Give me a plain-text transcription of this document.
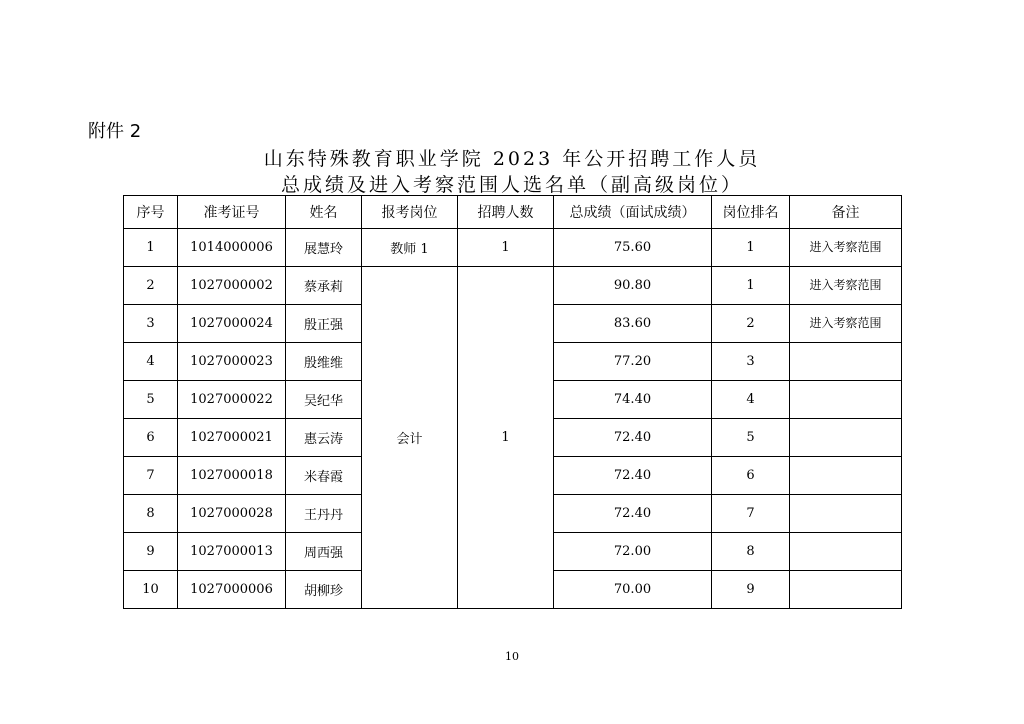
附件 2
山东特殊教育职业学院 2023 年公开招聘工作人员
总成绩及进入考察范围人选名单（副高级岗位）
序号	准考证号	姓名	报考岗位	招聘人数	总成绩（面试成绩）	岗位排名	备注
1	1014000006	展慧玲	教师 1	1	75.60	1	进入考察范围
2	1027000002	蔡承莉	会计	1	90.80	1	进入考察范围
3	1027000024	殷正强			83.60	2	进入考察范围
4	1027000023	殷维维			77.20	3	
5	1027000022	吴纪华			74.40	4	
6	1027000021	惠云涛			72.40	5	
7	1027000018	米春霞			72.40	6	
8	1027000028	王丹丹			72.40	7	
9	1027000013	周西强			72.00	8	
10	1027000006	胡柳珍			70.00	9	
10
